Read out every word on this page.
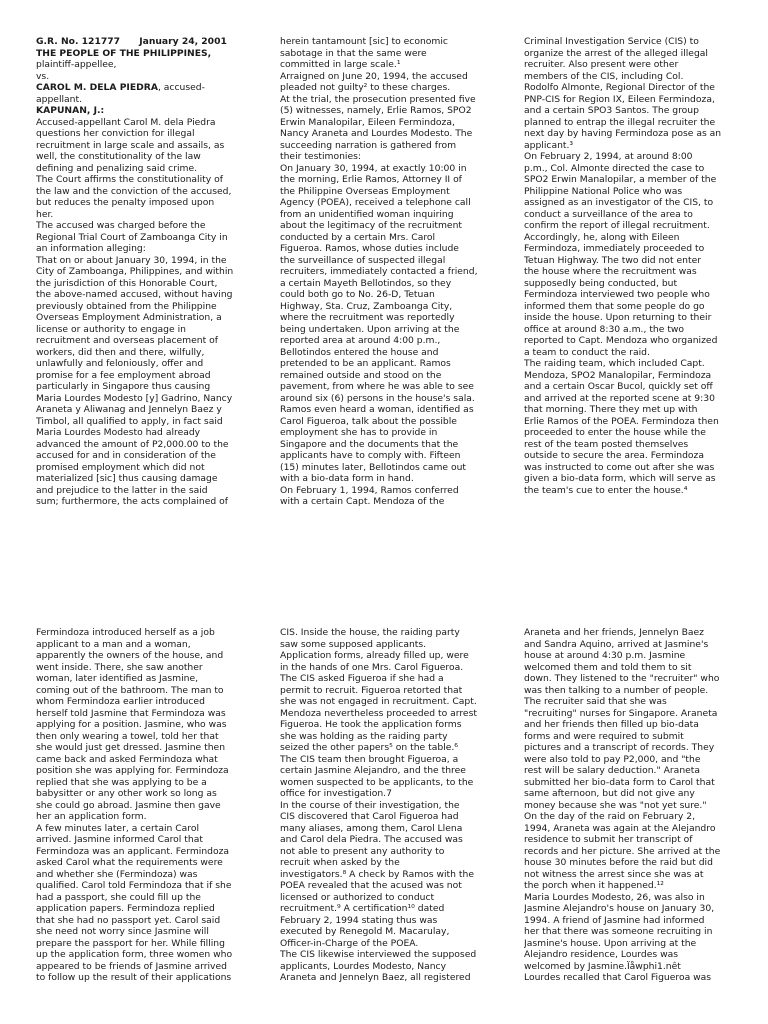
G.R. No. 121777      January 24, 2001
THE PEOPLE OF THE PHILIPPINES,
plaintiff-appellee,
vs.
CAROL M. DELA PIEDRA, accused-
appellant.
KAPUNAN, J.:
Accused-appellant Carol M. dela Piedra
questions her conviction for illegal
recruitment in large scale and assails, as
well, the constitutionality of the law
defining and penalizing said crime.
The Court affirms the constitutionality of
the law and the conviction of the accused,
but reduces the penalty imposed upon
her.
The accused was charged before the
Regional Trial Court of Zamboanga City in
an information alleging:
That on or about January 30, 1994, in the
City of Zamboanga, Philippines, and within
the jurisdiction of this Honorable Court,
the above-named accused, without having
previously obtained from the Philippine
Overseas Employment Administration, a
license or authority to engage in
recruitment and overseas placement of
workers, did then and there, wilfully,
unlawfully and feloniously, offer and
promise for a fee employment abroad
particularly in Singapore thus causing
Maria Lourdes Modesto [y] Gadrino, Nancy
Araneta y Aliwanag and Jennelyn Baez y
Timbol, all qualified to apply, in fact said
Maria Lourdes Modesto had already
advanced the amount of P2,000.00 to the
accused for and in consideration of the
promised employment which did not
materialized [sic] thus causing damage
and prejudice to the latter in the said
sum; furthermore, the acts complained of
herein tantamount [sic] to economic
sabotage in that the same were
committed in large scale.¹
Arraigned on June 20, 1994, the accused
pleaded not guilty² to these charges.
At the trial, the prosecution presented five
(5) witnesses, namely, Erlie Ramos, SPO2
Erwin Manalopilar, Eileen Fermindoza,
Nancy Araneta and Lourdes Modesto. The
succeeding narration is gathered from
their testimonies:
On January 30, 1994, at exactly 10:00 in
the morning, Erlie Ramos, Attorney II of
the Philippine Overseas Employment
Agency (POEA), received a telephone call
from an unidentified woman inquiring
about the legitimacy of the recruitment
conducted by a certain Mrs. Carol
Figueroa. Ramos, whose duties include
the surveillance of suspected illegal
recruiters, immediately contacted a friend,
a certain Mayeth Bellotindos, so they
could both go to No. 26-D, Tetuan
Highway, Sta. Cruz, Zamboanga City,
where the recruitment was reportedly
being undertaken. Upon arriving at the
reported area at around 4:00 p.m.,
Bellotindos entered the house and
pretended to be an applicant. Ramos
remained outside and stood on the
pavement, from where he was able to see
around six (6) persons in the house's sala.
Ramos even heard a woman, identified as
Carol Figueroa, talk about the possible
employment she has to provide in
Singapore and the documents that the
applicants have to comply with. Fifteen
(15) minutes later, Bellotindos came out
with a bio-data form in hand.
On February 1, 1994, Ramos conferred
with a certain Capt. Mendoza of the
Criminal Investigation Service (CIS) to
organize the arrest of the alleged illegal
recruiter. Also present were other
members of the CIS, including Col.
Rodolfo Almonte, Regional Director of the
PNP-CIS for Region IX, Eileen Fermindoza,
and a certain SPO3 Santos. The group
planned to entrap the illegal recruiter the
next day by having Fermindoza pose as an
applicant.³
On February 2, 1994, at around 8:00
p.m., Col. Almonte directed the case to
SPO2 Erwin Manalopilar, a member of the
Philippine National Police who was
assigned as an investigator of the CIS, to
conduct a surveillance of the area to
confirm the report of illegal recruitment.
Accordingly, he, along with Eileen
Fermindoza, immediately proceeded to
Tetuan Highway. The two did not enter
the house where the recruitment was
supposedly being conducted, but
Fermindoza interviewed two people who
informed them that some people do go
inside the house. Upon returning to their
office at around 8:30 a.m., the two
reported to Capt. Mendoza who organized
a team to conduct the raid.
The raiding team, which included Capt.
Mendoza, SPO2 Manalopilar, Fermindoza
and a certain Oscar Bucol, quickly set off
and arrived at the reported scene at 9:30
that morning. There they met up with
Erlie Ramos of the POEA. Fermindoza then
proceeded to enter the house while the
rest of the team posted themselves
outside to secure the area. Fermindoza
was instructed to come out after she was
given a bio-data form, which will serve as
the team's cue to enter the house.⁴
Fermindoza introduced herself as a job
applicant to a man and a woman,
apparently the owners of the house, and
went inside. There, she saw another
woman, later identified as Jasmine,
coming out of the bathroom. The man to
whom Fermindoza earlier introduced
herself told Jasmine that Fermindoza was
applying for a position. Jasmine, who was
then only wearing a towel, told her that
she would just get dressed. Jasmine then
came back and asked Fermindoza what
position she was applying for. Fermindoza
replied that she was applying to be a
babysitter or any other work so long as
she could go abroad. Jasmine then gave
her an application form.
A few minutes later, a certain Carol
arrived. Jasmine informed Carol that
Fermindoza was an applicant. Fermindoza
asked Carol what the requirements were
and whether she (Fermindoza) was
qualified. Carol told Fermindoza that if she
had a passport, she could fill up the
application papers. Fermindoza replied
that she had no passport yet. Carol said
she need not worry since Jasmine will
prepare the passport for her. While filling
up the application form, three women who
appeared to be friends of Jasmine arrived
to follow up the result of their applications
CIS. Inside the house, the raiding party
saw some supposed applicants.
Application forms, already filled up, were
in the hands of one Mrs. Carol Figueroa.
The CIS asked Figueroa if she had a
permit to recruit. Figueroa retorted that
she was not engaged in recruitment. Capt.
Mendoza nevertheless proceeded to arrest
Figueroa. He took the application forms
she was holding as the raiding party
seized the other papers⁵ on the table.⁶
The CIS team then brought Figueroa, a
certain Jasmine Alejandro, and the three
women suspected to be applicants, to the
office for investigation.7
In the course of their investigation, the
CIS discovered that Carol Figueroa had
many aliases, among them, Carol Llena
and Carol dela Piedra. The accused was
not able to present any authority to
recruit when asked by the
investigators.⁸ A check by Ramos with the
POEA revealed that the acused was not
licensed or authorized to conduct
recruitment.⁹ A certification¹⁰ dated
February 2, 1994 stating thus was
executed by Renegold M. Macarulay,
Officer-in-Charge of the POEA.
The CIS likewise interviewed the supposed
applicants, Lourdes Modesto, Nancy
Araneta and Jennelyn Baez, all registered
Araneta and her friends, Jennelyn Baez
and Sandra Aquino, arrived at Jasmine's
house at around 4:30 p.m. Jasmine
welcomed them and told them to sit
down. They listened to the "recruiter" who
was then talking to a number of people.
The recruiter said that she was
"recruiting" nurses for Singapore. Araneta
and her friends then filled up bio-data
forms and were required to submit
pictures and a transcript of records. They
were also told to pay P2,000, and "the
rest will be salary deduction." Araneta
submitted her bio-data form to Carol that
same afternoon, but did not give any
money because she was "not yet sure."
On the day of the raid on February 2,
1994, Araneta was again at the Alejandro
residence to submit her transcript of
records and her picture. She arrived at the
house 30 minutes before the raid but did
not witness the arrest since she was at
the porch when it happened.¹²
Maria Lourdes Modesto, 26, was also in
Jasmine Alejandro's house on January 30,
1994. A friend of Jasmine had informed
her that there was someone recruiting in
Jasmine's house. Upon arriving at the
Alejandro residence, Lourdes was
welcomed by Jasmine.Ïåwphi1.nêt
Lourdes recalled that Carol Figueroa was
